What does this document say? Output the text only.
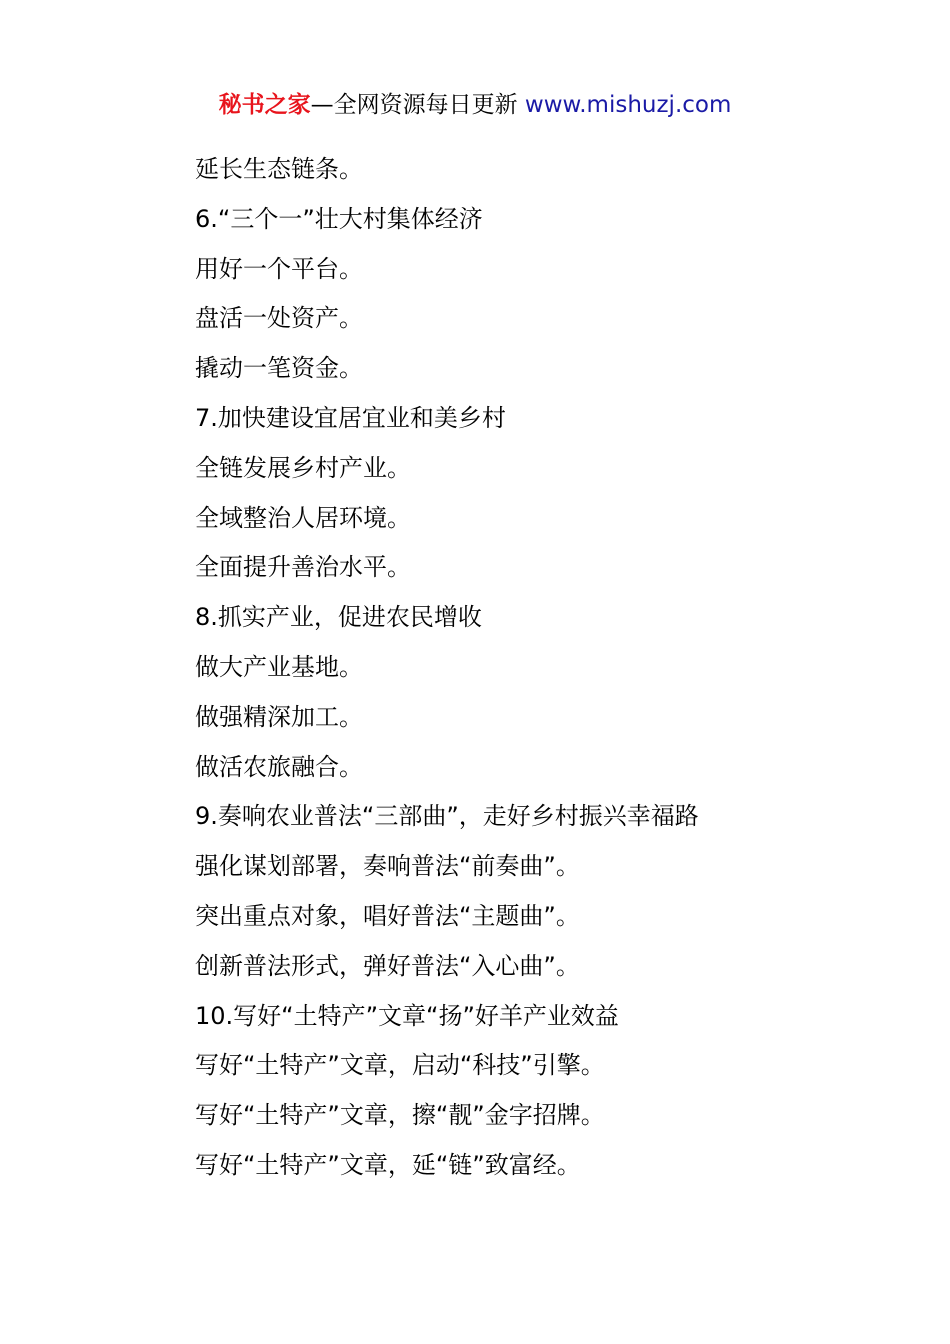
秘书之家—全网资源每日更新 www.mishuzj.com
延长生态链条。
6.“三个一”壮大村集体经济
用好一个平台。
盘活一处资产。
撬动一笔资金。
7.加快建设宜居宜业和美乡村
全链发展乡村产业。
全域整治人居环境。
全面提升善治水平。
8.抓实产业，促进农民增收
做大产业基地。
做强精深加工。
做活农旅融合。
9.奏响农业普法“三部曲”，走好乡村振兴幸福路
强化谋划部署，奏响普法“前奏曲”。
突出重点对象，唱好普法“主题曲”。
创新普法形式，弹好普法“入心曲”。
10.写好“土特产”文章“扬”好羊产业效益
写好“土特产”文章，启动“科技”引擎。
写好“土特产”文章，擦“靓”金字招牌。
写好“土特产”文章，延“链”致富经。
